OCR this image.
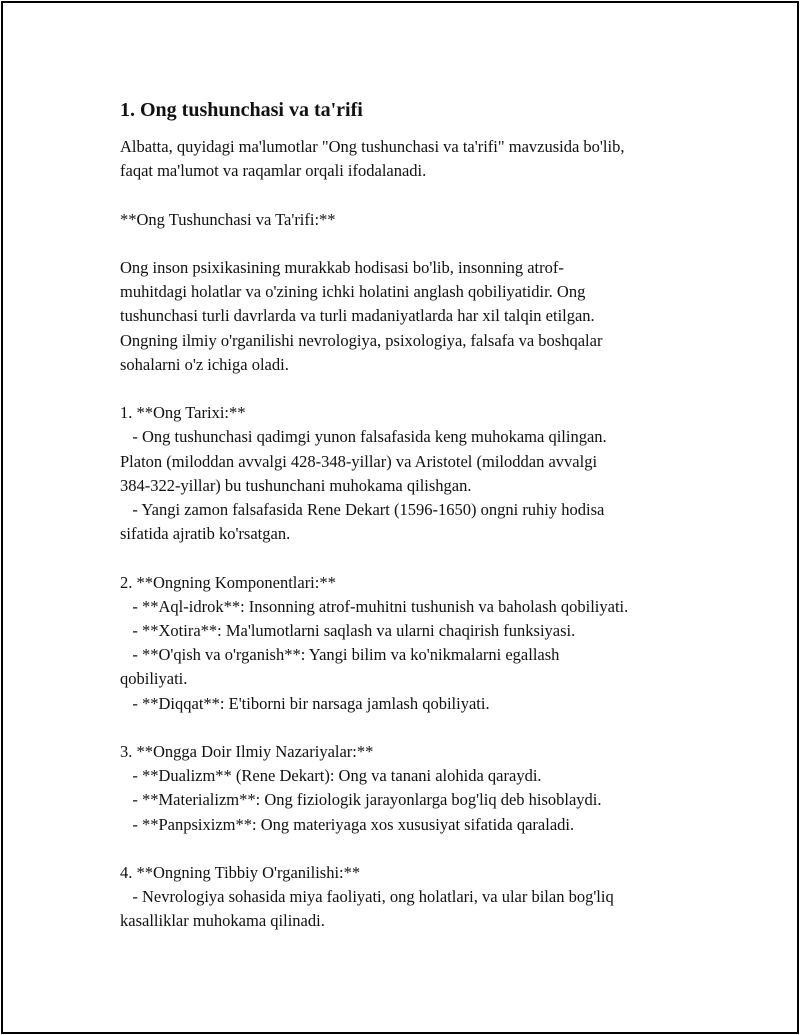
1. Ong tushunchasi va ta'rifi
Albatta, quyidagi ma'lumotlar "Ong tushunchasi va ta'rifi" mavzusida bo'lib,
faqat ma'lumot va raqamlar orqali ifodalanadi.
**Ong Tushunchasi va Ta'rifi:**
Ong inson psixikasining murakkab hodisasi bo'lib, insonning atrof-
muhitdagi holatlar va o'zining ichki holatini anglash qobiliyatidir. Ong
tushunchasi turli davrlarda va turli madaniyatlarda har xil talqin etilgan.
Ongning ilmiy o'rganilishi nevrologiya, psixologiya, falsafa va boshqalar
sohalarni o'z ichiga oladi.
1. **Ong Tarixi:**
- Ong tushunchasi qadimgi yunon falsafasida keng muhokama qilingan.
Platon (miloddan avvalgi 428-348-yillar) va Aristotel (miloddan avvalgi
384-322-yillar) bu tushunchani muhokama qilishgan.
- Yangi zamon falsafasida Rene Dekart (1596-1650) ongni ruhiy hodisa
sifatida ajratib ko'rsatgan.
2. **Ongning Komponentlari:**
- **Aql-idrok**: Insonning atrof-muhitni tushunish va baholash qobiliyati.
- **Xotira**: Ma'lumotlarni saqlash va ularni chaqirish funksiyasi.
- **O'qish va o'rganish**: Yangi bilim va ko'nikmalarni egallash
qobiliyati.
- **Diqqat**: E'tiborni bir narsaga jamlash qobiliyati.
3. **Ongga Doir Ilmiy Nazariyalar:**
- **Dualizm** (Rene Dekart): Ong va tanani alohida qaraydi.
- **Materializm**: Ong fiziologik jarayonlarga bog'liq deb hisoblaydi.
- **Panpsixizm**: Ong materiyaga xos xususiyat sifatida qaraladi.
4. **Ongning Tibbiy O'rganilishi:**
- Nevrologiya sohasida miya faoliyati, ong holatlari, va ular bilan bog'liq
kasalliklar muhokama qilinadi.
